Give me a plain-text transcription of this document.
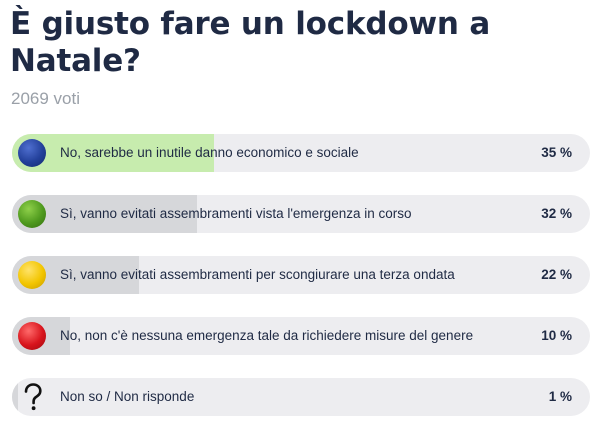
È giusto fare un lockdown a Natale?
2069 voti
No, sarebbe un inutile danno economico e sociale	35 %
Sì, vanno evitati assembramenti vista l'emergenza in corso	32 %
Sì, vanno evitati assembramenti per scongiurare una terza ondata	22 %
No, non c'è nessuna emergenza tale da richiedere misure del genere	10 %
Non so / Non risponde	1 %
